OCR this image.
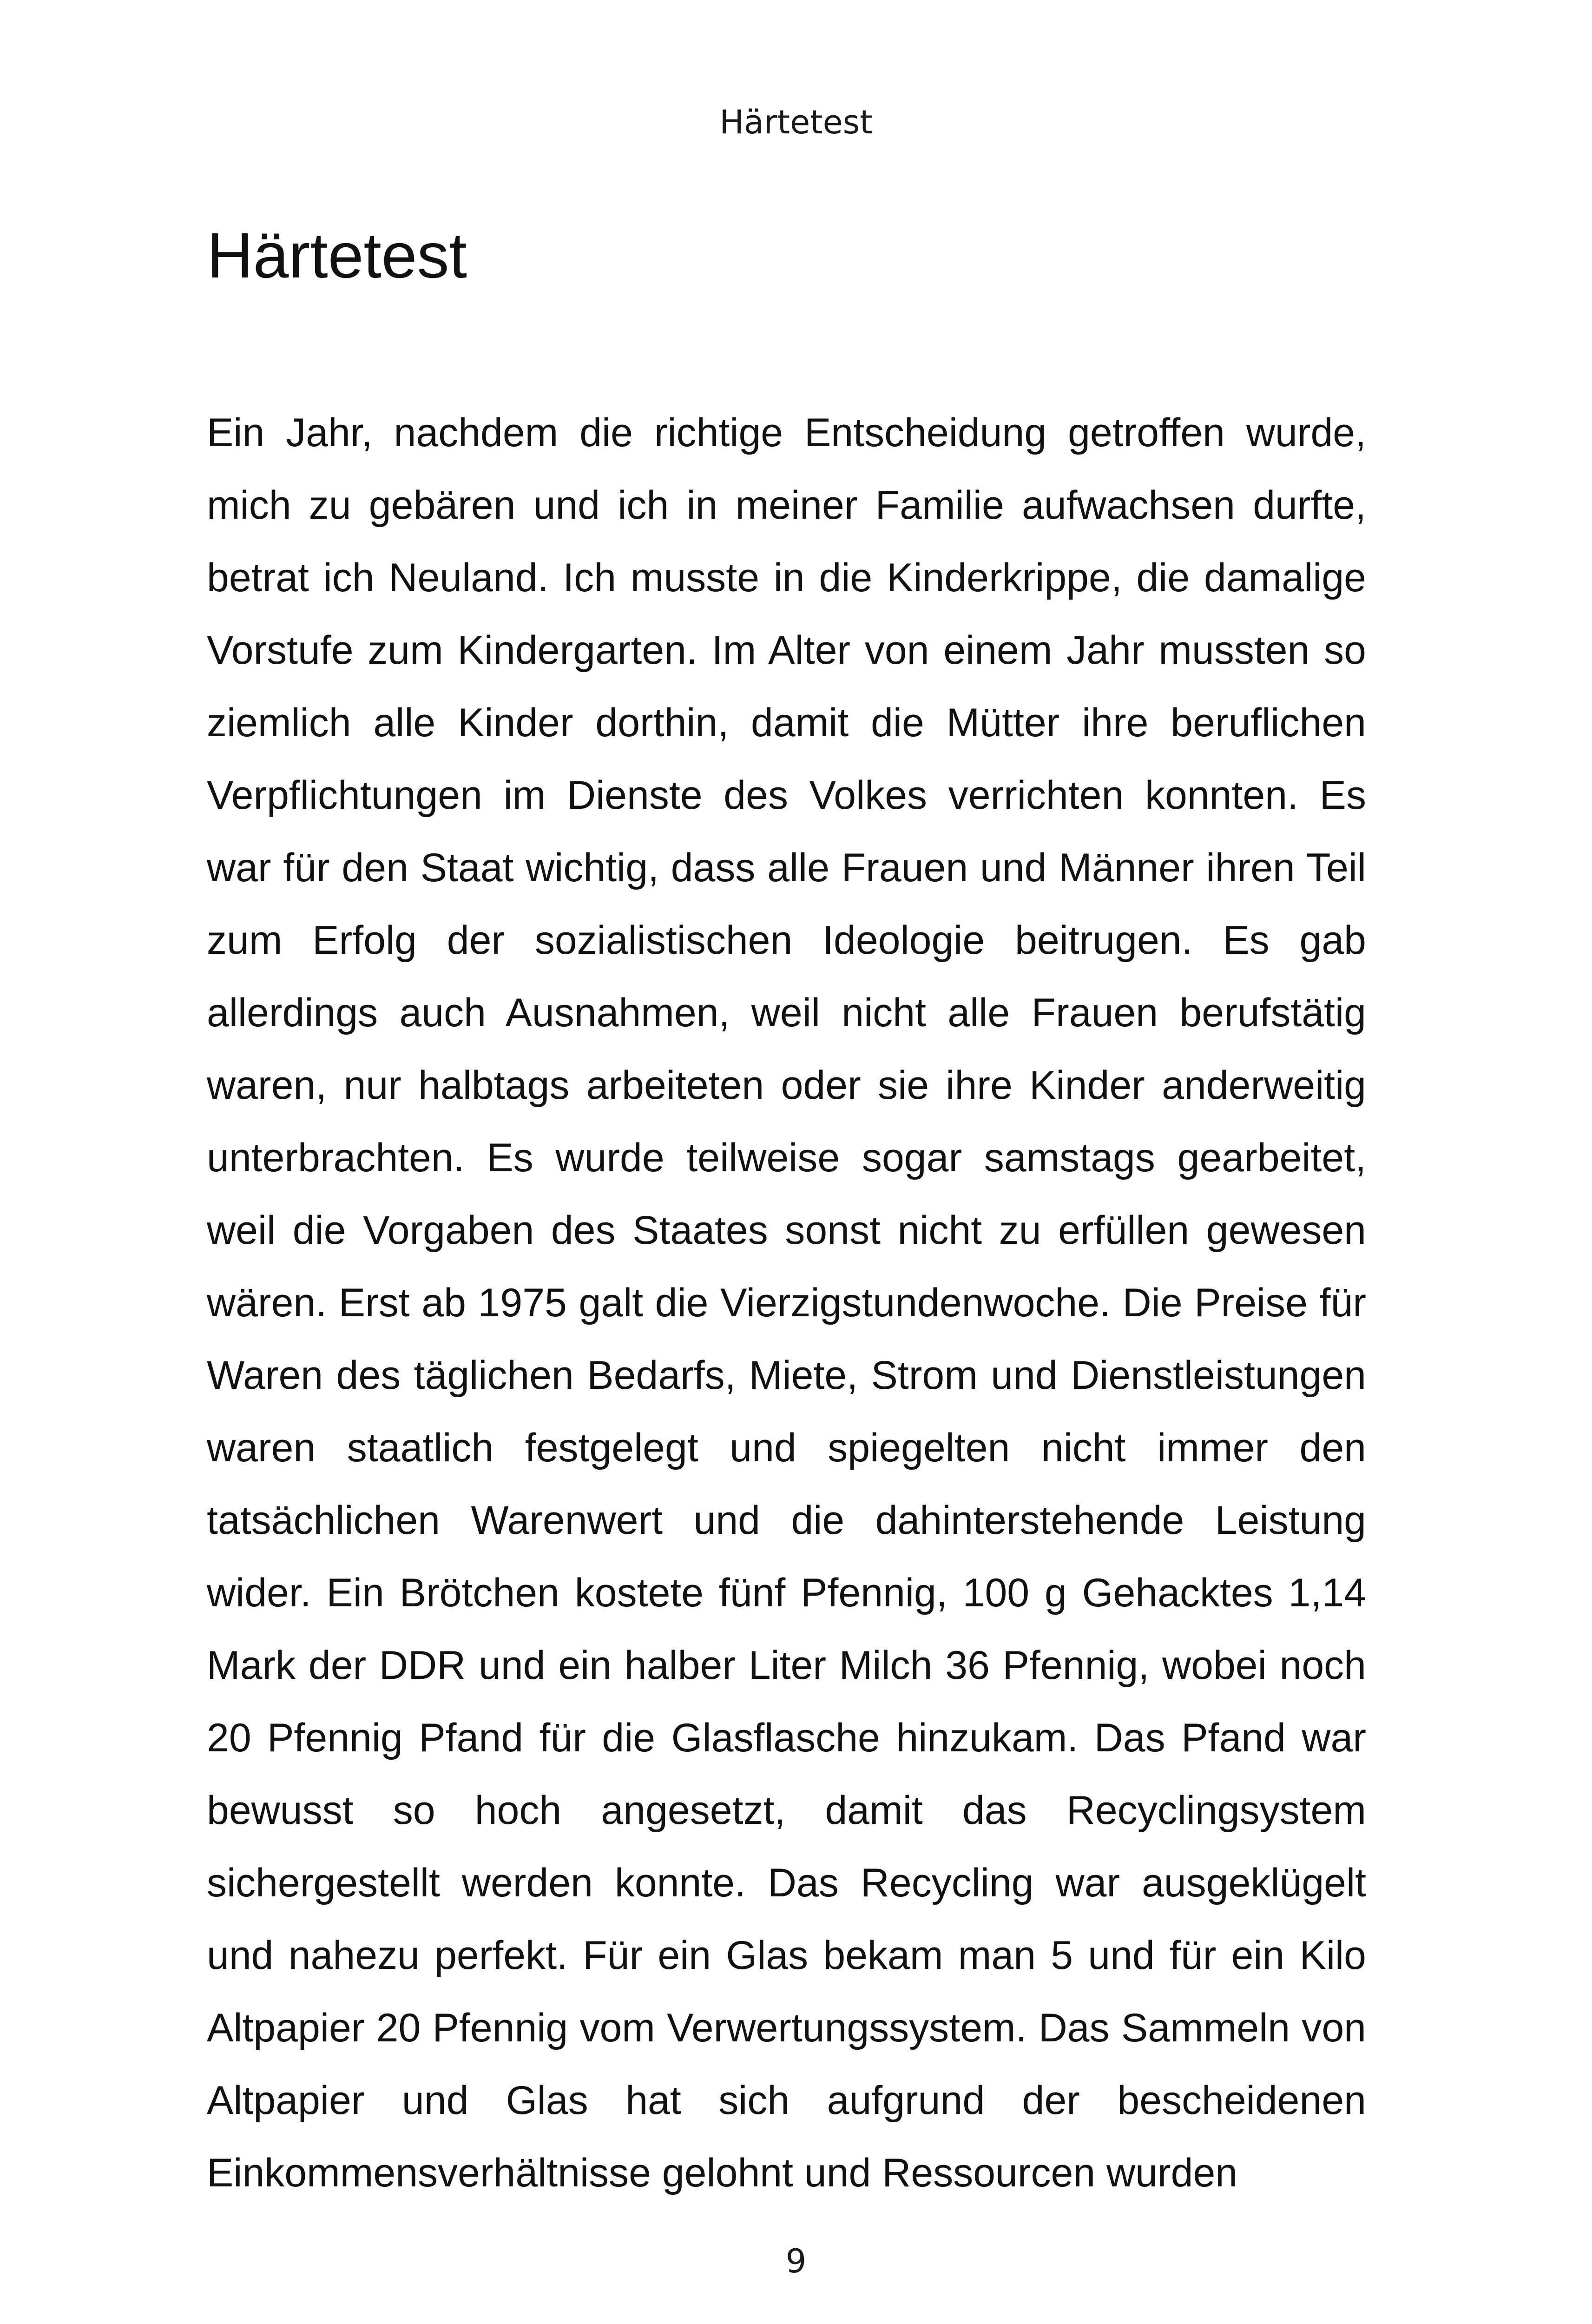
Härtetest
Härtetest

Ein Jahr, nachdem die richtige Entscheidung getroffen wurde, mich zu gebären und ich in meiner Familie aufwachsen durfte, betrat ich Neuland. Ich musste in die Kinderkrippe, die damalige Vorstufe zum Kindergarten. Im Alter von einem Jahr mussten so ziemlich alle Kinder dorthin, damit die Mütter ihre beruflichen Verpflichtungen im Dienste des Volkes verrichten konnten. Es war für den Staat wichtig, dass alle Frauen und Männer ihren Teil zum Erfolg der sozialistischen Ideologie beitrugen. Es gab allerdings auch Ausnahmen, weil nicht alle Frauen berufstätig waren, nur halbtags arbeiteten oder sie ihre Kinder anderweitig unterbrachten. Es wurde teilweise sogar samstags gearbeitet, weil die Vorgaben des Staates sonst nicht zu erfüllen gewesen wären. Erst ab 1975 galt die Vierzigstundenwoche. Die Preise für Waren des täglichen Bedarfs, Miete, Strom und Dienstleistungen waren staatlich festgelegt und spiegelten nicht immer den tatsächlichen Warenwert und die dahinterstehende Leistung wider. Ein Brötchen kostete fünf Pfennig, 100 g Gehacktes 1,14 Mark der DDR und ein halber Liter Milch 36 Pfennig, wobei noch 20 Pfennig Pfand für die Glasflasche hinzukam. Das Pfand war bewusst so hoch angesetzt, damit das Recyclingsystem sichergestellt werden konnte. Das Recycling war ausgeklügelt und nahezu perfekt. Für ein Glas bekam man 5 und für ein Kilo Altpapier 20 Pfennig vom Verwertungssystem. Das Sammeln von Altpapier und Glas hat sich aufgrund der bescheidenen Einkommensverhältnisse gelohnt und Ressourcen wurden

9
